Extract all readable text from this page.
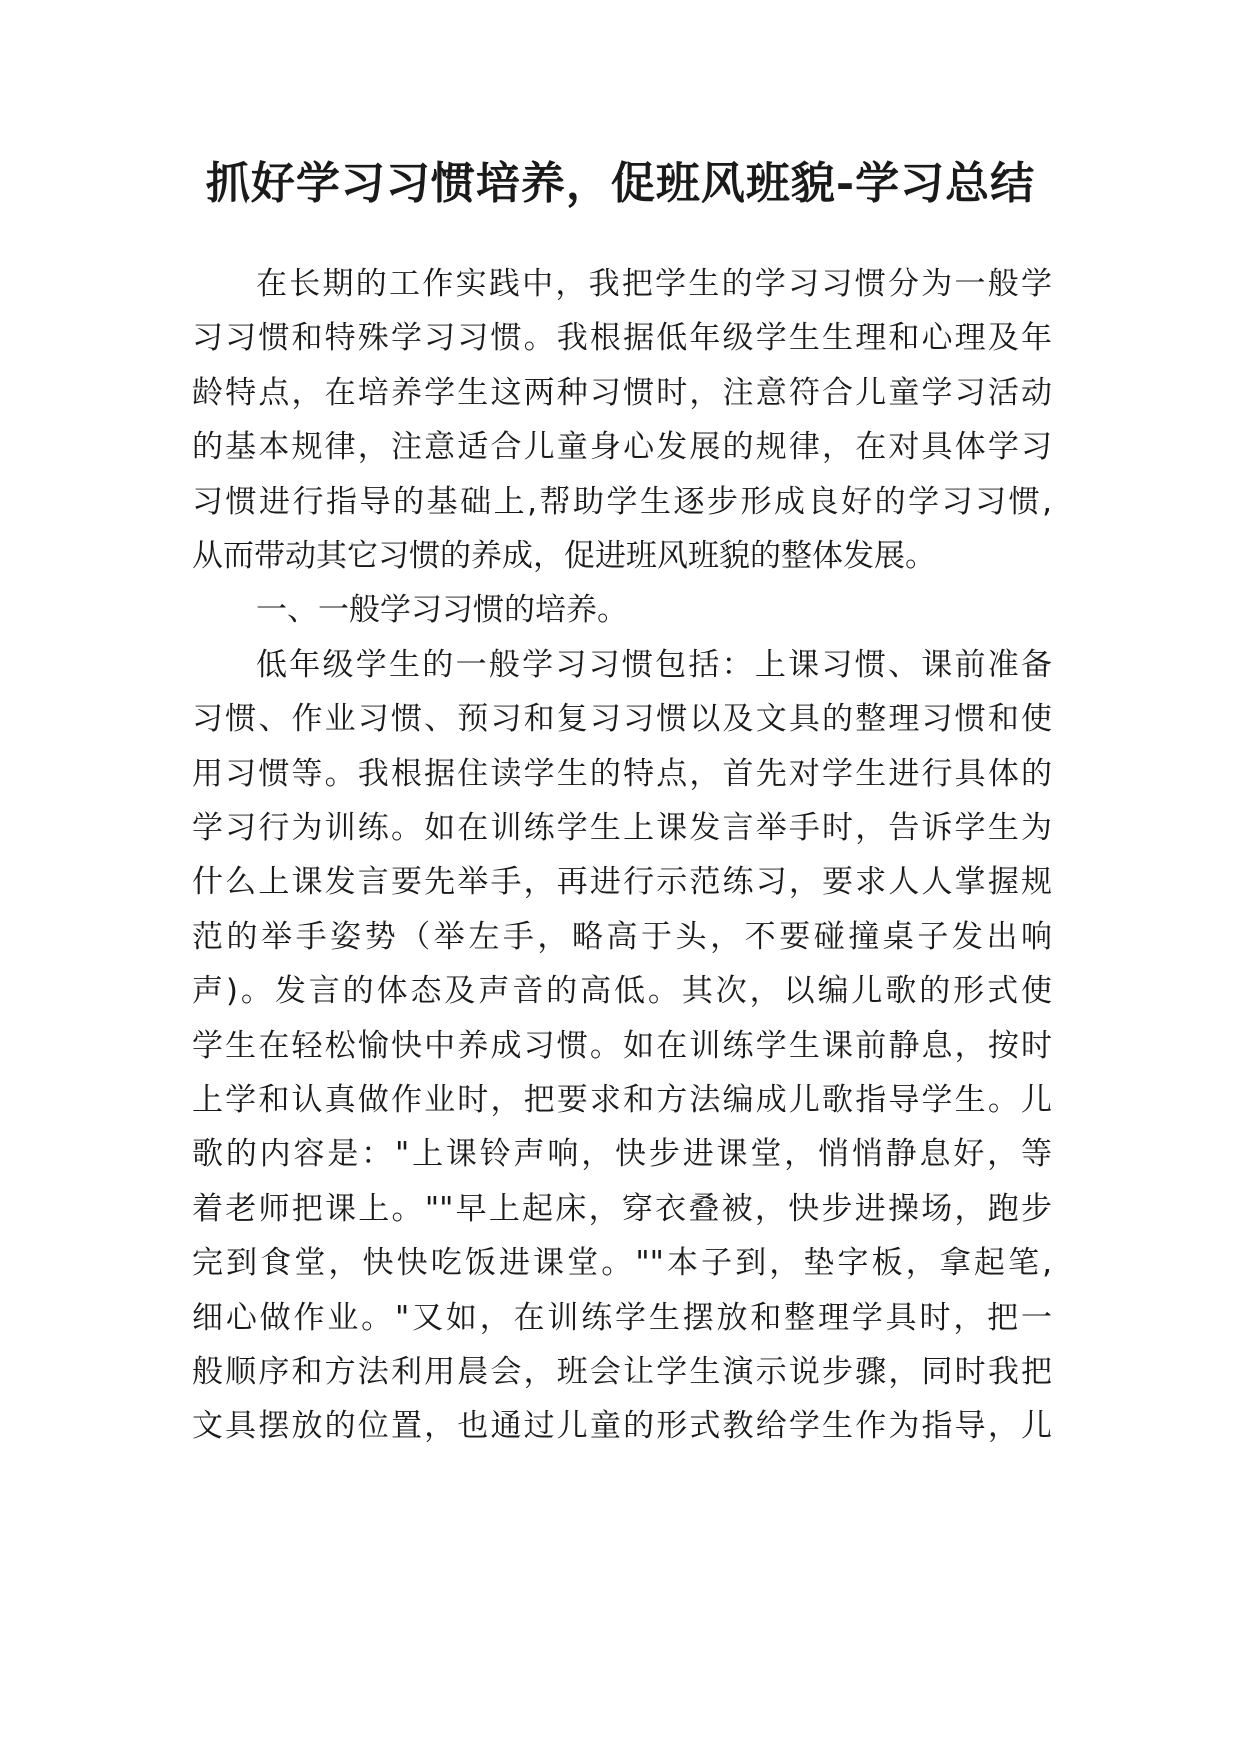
抓好学习习惯培养，促班风班貌-学习总结

在长期的工作实践中，我把学生的学习习惯分为一般学

习习惯和特殊学习习惯。我根据低年级学生生理和心理及年

龄特点，在培养学生这两种习惯时，注意符合儿童学习活动

的基本规律，注意适合儿童身心发展的规律，在对具体学习

习惯进行指导的基础上,帮助学生逐步形成良好的学习习惯,

从而带动其它习惯的养成，促进班风班貌的整体发展。

一、一般学习习惯的培养。

低年级学生的一般学习习惯包括：上课习惯、课前准备

习惯、作业习惯、预习和复习习惯以及文具的整理习惯和使

用习惯等。我根据住读学生的特点，首先对学生进行具体的

学习行为训练。如在训练学生上课发言举手时，告诉学生为

什么上课发言要先举手，再进行示范练习，要求人人掌握规

范的举手姿势（举左手，略高于头，不要碰撞桌子发出响

声)。发言的体态及声音的高低。其次，以编儿歌的形式使

学生在轻松愉快中养成习惯。如在训练学生课前静息，按时

上学和认真做作业时，把要求和方法编成儿歌指导学生。儿

歌的内容是："上课铃声响，快步进课堂，悄悄静息好，等

着老师把课上。""早上起床，穿衣叠被，快步进操场，跑步

完到食堂，快快吃饭进课堂。""本子到，垫字板，拿起笔,

细心做作业。"又如，在训练学生摆放和整理学具时，把一

般顺序和方法利用晨会，班会让学生演示说步骤，同时我把

文具摆放的位置，也通过儿童的形式教给学生作为指导，儿
